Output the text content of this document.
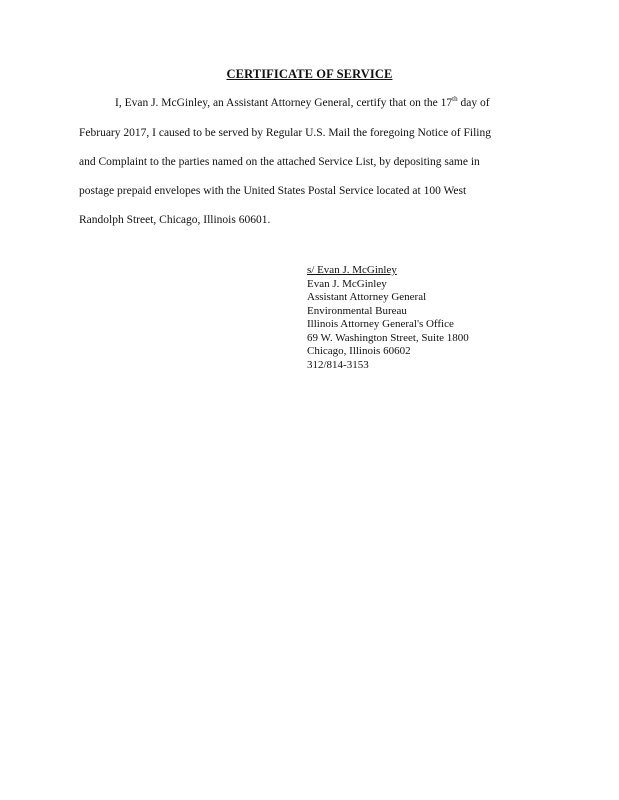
CERTIFICATE OF SERVICE
I, Evan J. McGinley, an Assistant Attorney General, certify that on the 17th day of
February 2017, I caused to be served by Regular U.S. Mail the foregoing Notice of Filing
and Complaint to the parties named on the attached Service List, by depositing same in
postage prepaid envelopes with the United States Postal Service located at 100 West
Randolph Street, Chicago, Illinois 60601.
s/ Evan J. McGinley
Evan J. McGinley
Assistant Attorney General
Environmental Bureau
Illinois Attorney General's Office
69 W. Washington Street, Suite 1800
Chicago, Illinois 60602
312/814-3153
